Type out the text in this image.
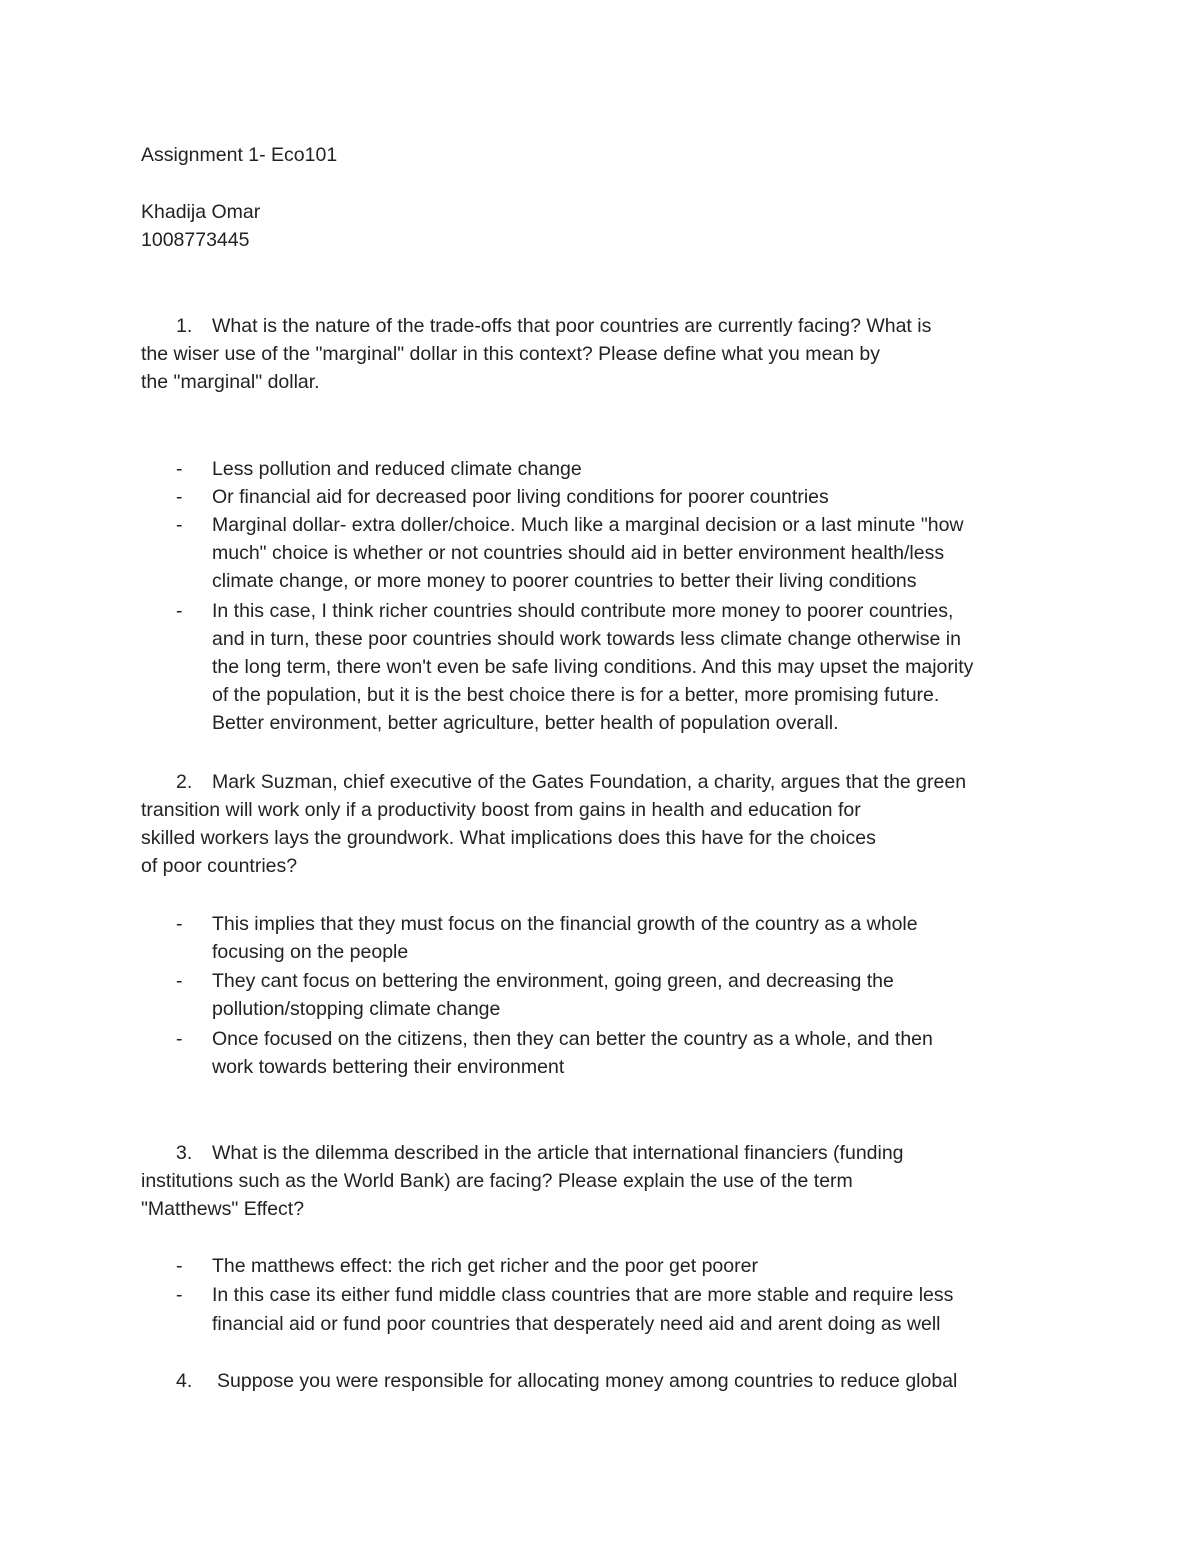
Assignment 1- Eco101
Khadija Omar
1008773445
1. What is the nature of the trade-offs that poor countries are currently facing? What is
the wiser use of the "marginal" dollar in this context? Please define what you mean by
the "marginal" dollar.
- Less pollution and reduced climate change
- Or financial aid for decreased poor living conditions for poorer countries
- Marginal dollar- extra doller/choice. Much like a marginal decision or a last minute "how
much" choice is whether or not countries should aid in better environment health/less
climate change, or more money to poorer countries to better their living conditions
- In this case, I think richer countries should contribute more money to poorer countries,
and in turn, these poor countries should work towards less climate change otherwise in
the long term, there won't even be safe living conditions. And this may upset the majority
of the population, but it is the best choice there is for a better, more promising future.
Better environment, better agriculture, better health of population overall.
2. Mark Suzman, chief executive of the Gates Foundation, a charity, argues that the green
transition will work only if a productivity boost from gains in health and education for
skilled workers lays the groundwork. What implications does this have for the choices
of poor countries?
- This implies that they must focus on the financial growth of the country as a whole
focusing on the people
- They cant focus on bettering the environment, going green, and decreasing the
pollution/stopping climate change
- Once focused on the citizens, then they can better the country as a whole, and then
work towards bettering their environment
3. What is the dilemma described in the article that international financiers (funding
institutions such as the World Bank) are facing? Please explain the use of the term
"Matthews" Effect?
- The matthews effect: the rich get richer and the poor get poorer
- In this case its either fund middle class countries that are more stable and require less
financial aid or fund poor countries that desperately need aid and arent doing as well
4. Suppose you were responsible for allocating money among countries to reduce global
